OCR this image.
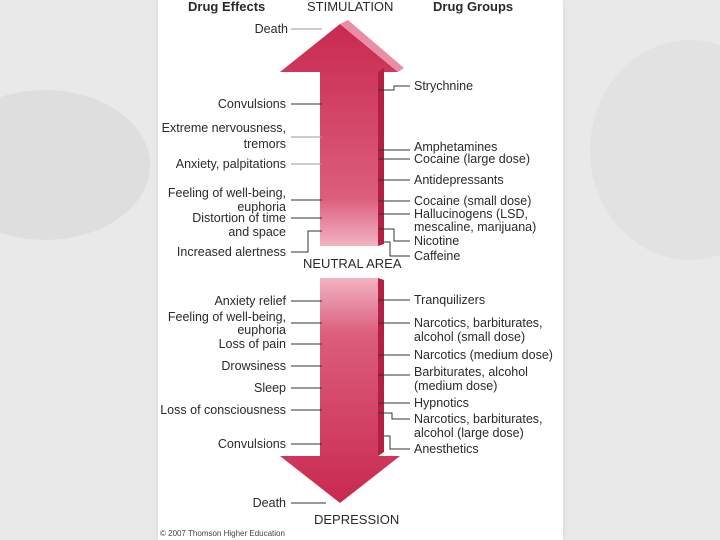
Drug Effects	STIMULATION	Drug Groups
NEUTRAL AREA
DEPRESSION
Death
Convulsions
Extreme nervousness,
tremors
Anxiety, palpitations
Feeling of well-being,
euphoria
Distortion of time
and space
Increased alertness
Strychnine
Amphetamines
Cocaine (large dose)
Antidepressants
Cocaine (small dose)
Hallucinogens (LSD,
mescaline, marijuana)
Nicotine
Caffeine
Anxiety relief
Feeling of well-being,
euphoria
Loss of pain
Drowsiness
Sleep
Loss of consciousness
Convulsions
Death
Tranquilizers
Narcotics, barbiturates,
alcohol (small dose)
Narcotics (medium dose)
Barbiturates, alcohol
(medium dose)
Hypnotics
Narcotics, barbiturates,
alcohol (large dose)
Anesthetics
© 2007 Thomson Higher Education
